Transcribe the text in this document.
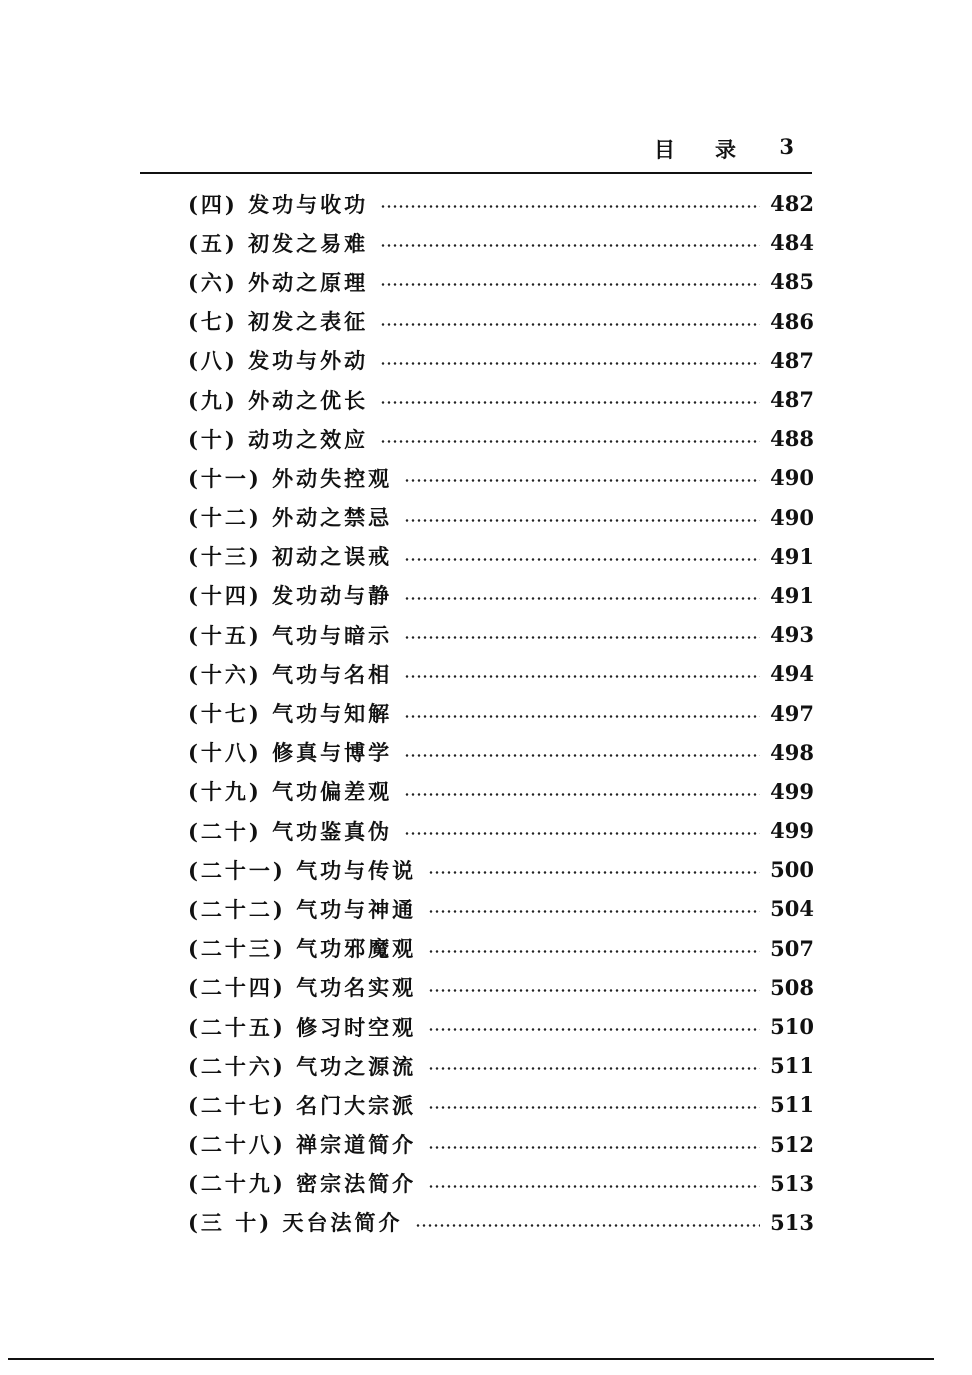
目录 3
(四) 发功与收功	482
(五) 初发之易难	484
(六) 外动之原理	485
(七) 初发之表征	486
(八) 发功与外动	487
(九) 外动之优长	487
(十) 动功之效应	488
(十一) 外动失控观	490
(十二) 外动之禁忌	490
(十三) 初动之误戒	491
(十四) 发功动与静	491
(十五) 气功与暗示	493
(十六) 气功与名相	494
(十七) 气功与知解	497
(十八) 修真与博学	498
(十九) 气功偏差观	499
(二十) 气功鉴真伪	499
(二十一) 气功与传说	500
(二十二) 气功与神通	504
(二十三) 气功邪魔观	507
(二十四) 气功名实观	508
(二十五) 修习时空观	510
(二十六) 气功之源流	511
(二十七) 名门大宗派	511
(二十八) 禅宗道简介	512
(二十九) 密宗法简介	513
(三 十) 天台法简介	513
